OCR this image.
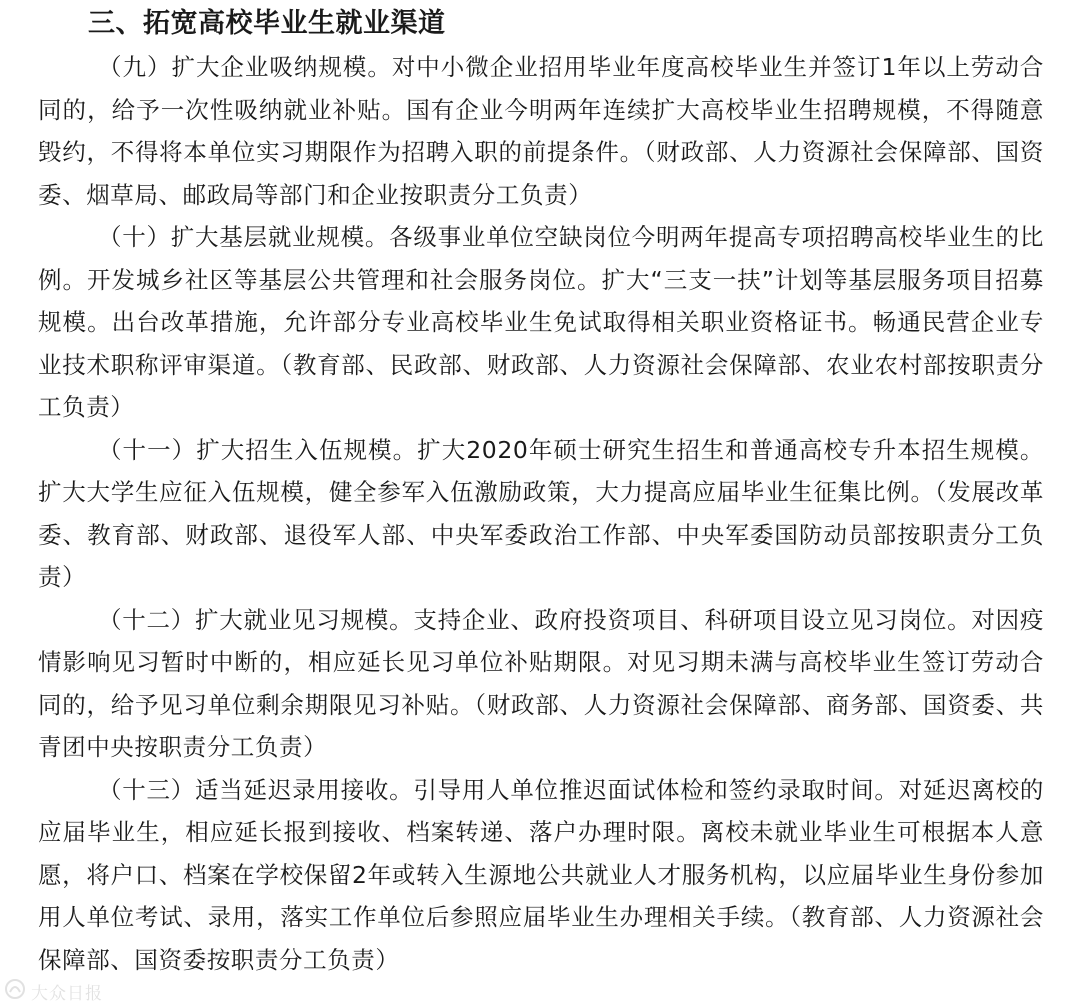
三、拓宽高校毕业生就业渠道

（九）扩大企业吸纳规模。对中小微企业招用毕业年度高校毕业生并签订1年以上劳动合同的，给予一次性吸纳就业补贴。国有企业今明两年连续扩大高校毕业生招聘规模，不得随意毁约，不得将本单位实习期限作为招聘入职的前提条件。（财政部、人力资源社会保障部、国资委、烟草局、邮政局等部门和企业按职责分工负责）

（十）扩大基层就业规模。各级事业单位空缺岗位今明两年提高专项招聘高校毕业生的比例。开发城乡社区等基层公共管理和社会服务岗位。扩大“三支一扶”计划等基层服务项目招募规模。出台改革措施，允许部分专业高校毕业生免试取得相关职业资格证书。畅通民营企业专业技术职称评审渠道。（教育部、民政部、财政部、人力资源社会保障部、农业农村部按职责分工负责）

（十一）扩大招生入伍规模。扩大2020年硕士研究生招生和普通高校专升本招生规模。扩大大学生应征入伍规模，健全参军入伍激励政策，大力提高应届毕业生征集比例。（发展改革委、教育部、财政部、退役军人部、中央军委政治工作部、中央军委国防动员部按职责分工负责）

（十二）扩大就业见习规模。支持企业、政府投资项目、科研项目设立见习岗位。对因疫情影响见习暂时中断的，相应延长见习单位补贴期限。对见习期未满与高校毕业生签订劳动合同的，给予见习单位剩余期限见习补贴。（财政部、人力资源社会保障部、商务部、国资委、共青团中央按职责分工负责）

（十三）适当延迟录用接收。引导用人单位推迟面试体检和签约录取时间。对延迟离校的应届毕业生，相应延长报到接收、档案转递、落户办理时限。离校未就业毕业生可根据本人意愿，将户口、档案在学校保留2年或转入生源地公共就业人才服务机构，以应届毕业生身份参加用人单位考试、录用，落实工作单位后参照应届毕业生办理相关手续。（教育部、人力资源社会保障部、国资委按职责分工负责）

大众日报
